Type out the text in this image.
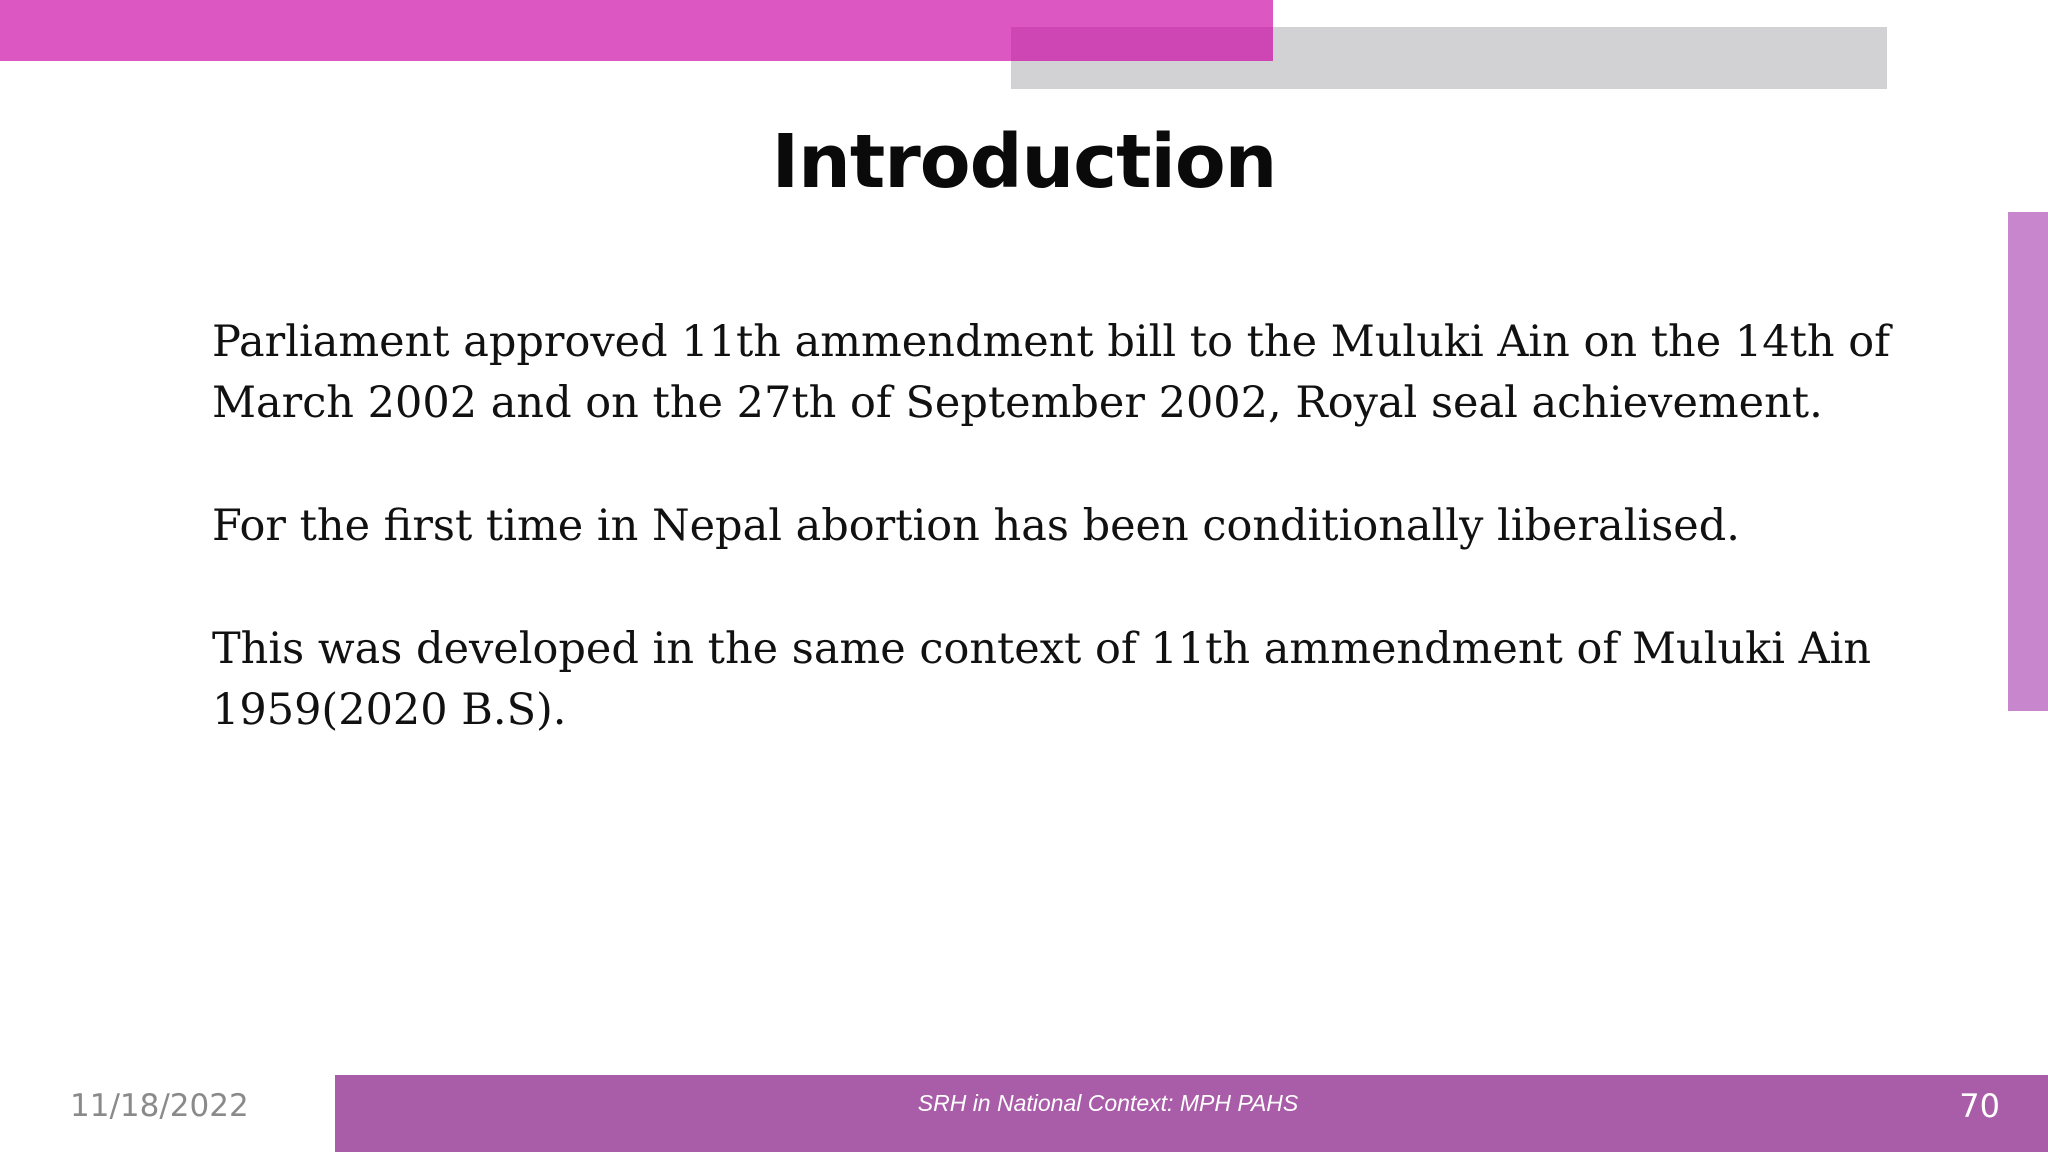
Introduction

Parliament approved 11th ammendment bill to the Muluki Ain on the 14th of March 2002 and on the 27th of September 2002, Royal seal achievement.

For the first time in Nepal abortion has been conditionally liberalised.

This was developed in the same context of 11th ammendment of Muluki Ain 1959(2020 B.S).

11/18/2022	SRH in National Context: MPH PAHS	70
